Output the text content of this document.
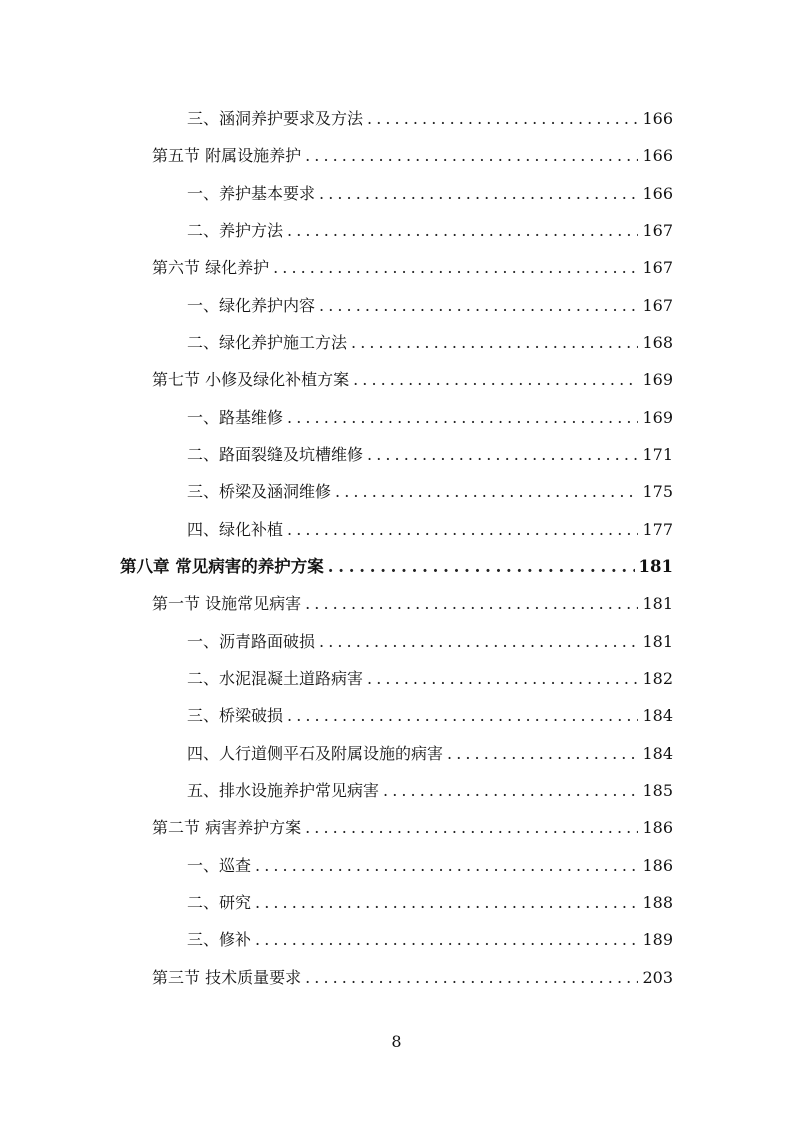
三、涵洞养护要求及方法 . . .	166
第五节 附属设施养护 . . .	166
一、养护基本要求 . . .	166
二、养护方法 . . .	167
第六节 绿化养护 . . .	167
一、绿化养护内容 . . .	167
二、绿化养护施工方法 . . .	168
第七节 小修及绿化补植方案 . . .	169
一、路基维修 . . .	169
二、路面裂缝及坑槽维修 . . .	171
三、桥梁及涵洞维修 . . .	175
四、绿化补植 . . .	177
第八章 常见病害的养护方案 . . .	181
第一节 设施常见病害 . . .	181
一、沥青路面破损 . . .	181
二、水泥混凝土道路病害 . . .	182
三、桥梁破损 . . .	184
四、人行道侧平石及附属设施的病害 . . .	184
五、排水设施养护常见病害 . . .	185
第二节 病害养护方案 . . .	186
一、巡查 . . .	186
二、研究 . . .	188
三、修补 . . .	189
第三节 技术质量要求 . . .	203
8
